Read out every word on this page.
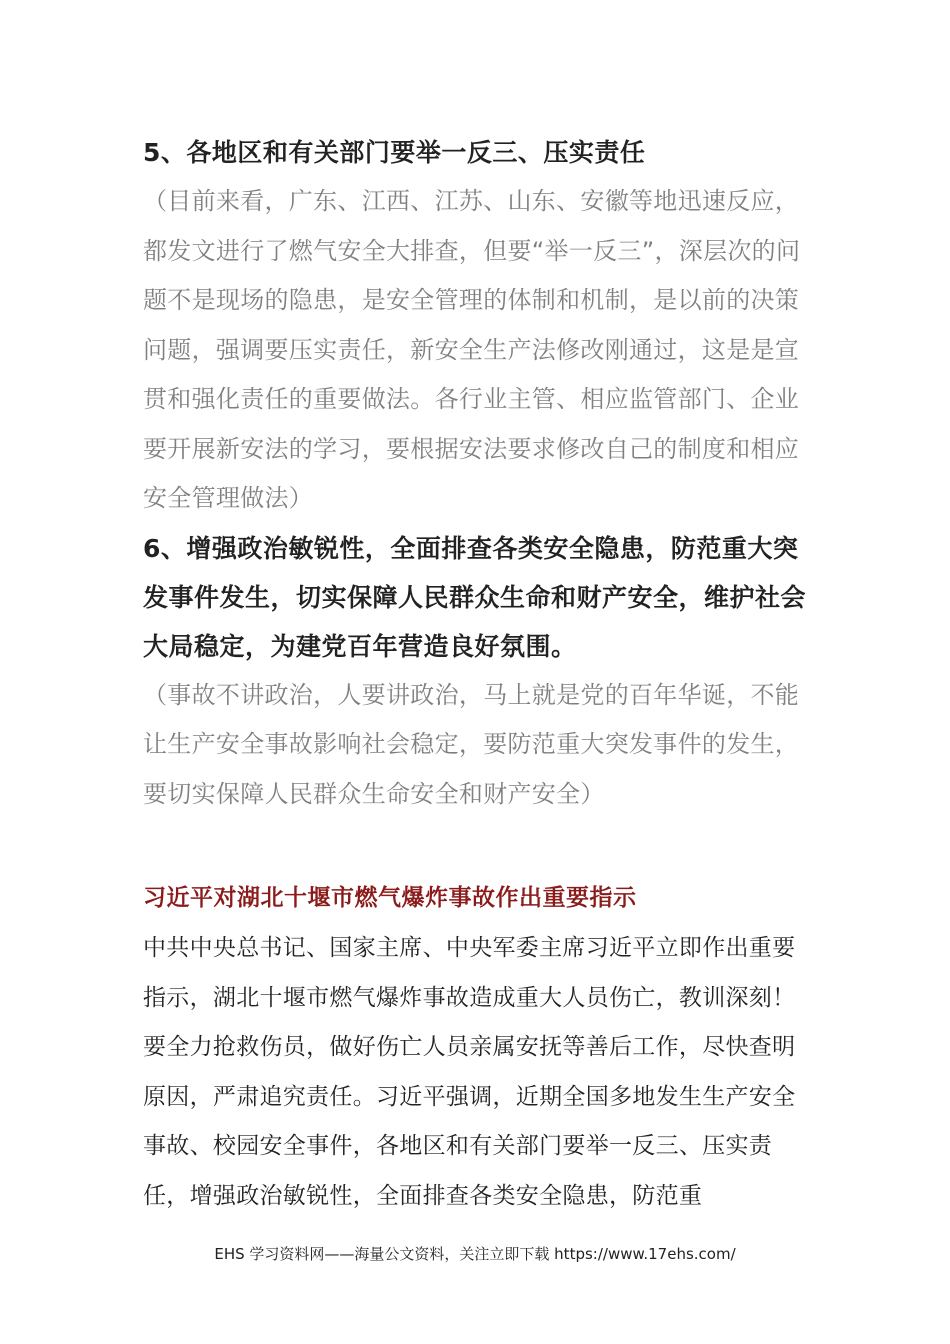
5、各地区和有关部门要举一反三、压实责任

（目前来看，广东、江西、江苏、山东、安徽等地迅速反应，都发文进行了燃气安全大排查，但要“举一反三”，深层次的问题不是现场的隐患，是安全管理的体制和机制，是以前的决策问题，强调要压实责任，新安全生产法修改刚通过，这是是宣贯和强化责任的重要做法。各行业主管、相应监管部门、企业要开展新安法的学习，要根据安法要求修改自己的制度和相应安全管理做法）

6、增强政治敏锐性，全面排查各类安全隐患，防范重大突发事件发生，切实保障人民群众生命和财产安全，维护社会大局稳定，为建党百年营造良好氛围。

（事故不讲政治，人要讲政治，马上就是党的百年华诞，不能让生产安全事故影响社会稳定，要防范重大突发事件的发生，要切实保障人民群众生命安全和财产安全）

习近平对湖北十堰市燃气爆炸事故作出重要指示

中共中央总书记、国家主席、中央军委主席习近平立即作出重要指示，湖北十堰市燃气爆炸事故造成重大人员伤亡，教训深刻！要全力抢救伤员，做好伤亡人员亲属安抚等善后工作，尽快查明原因，严肃追究责任。习近平强调，近期全国多地发生生产安全事故、校园安全事件，各地区和有关部门要举一反三、压实责任，增强政治敏锐性，全面排查各类安全隐患，防范重

EHS 学习资料网——海量公文资料，关注立即下载 https://www.17ehs.com/
